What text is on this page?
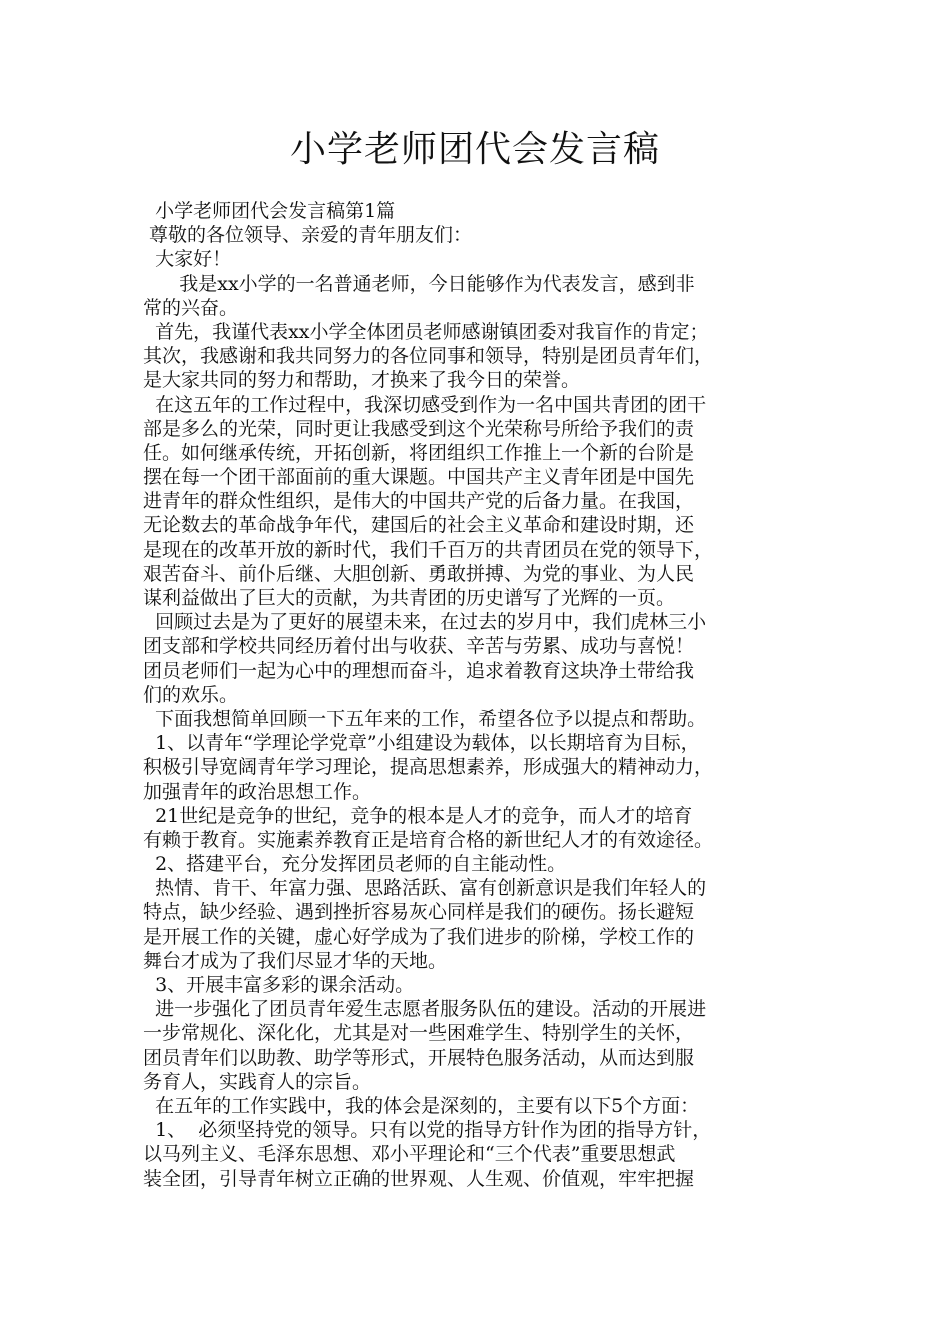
小学老师团代会发言稿
小学老师团代会发言稿第1篇
尊敬的各位领导、亲爱的青年朋友们：
大家好！
我是xx小学的一名普通老师，今日能够作为代表发言，感到非
常的兴奋。
首先，我谨代表xx小学全体团员老师感谢镇团委对我盲作的肯定；
其次，我感谢和我共同努力的各位同事和领导，特别是团员青年们，
是大家共同的努力和帮助，才换来了我今日的荣誉。
在这五年的工作过程中，我深切感受到作为一名中国共青团的团干
部是多么的光荣，同时更让我感受到这个光荣称号所给予我们的责
任。如何继承传统，开拓创新，将团组织工作推上一个新的台阶是
摆在每一个团干部面前的重大课题。中国共产主义青年团是中国先
进青年的群众性组织，是伟大的中国共产党的后备力量。在我国，
无论数去的革命战争年代，建国后的社会主义革命和建设时期，还
是现在的改革开放的新时代，我们千百万的共青团员在党的领导下，
艰苦奋斗、前仆后继、大胆创新、勇敢拼搏、为党的事业、为人民
谋利益做出了巨大的贡献，为共青团的历史谱写了光辉的一页。
回顾过去是为了更好的展望未来，在过去的岁月中，我们虎林三小
团支部和学校共同经历着付出与收获、辛苦与劳累、成功与喜悦！
团员老师们一起为心中的理想而奋斗，追求着教育这块净土带给我
们的欢乐。
下面我想简单回顾一下五年来的工作，希望各位予以提点和帮助。
1、以青年“学理论学党章”小组建设为载体，以长期培育为目标，
积极引导宽阔青年学习理论，提高思想素养，形成强大的精神动力，
加强青年的政治思想工作。
21世纪是竞争的世纪，竞争的根本是人才的竞争，而人才的培育
有赖于教育。实施素养教育正是培育合格的新世纪人才的有效途径。
2、搭建平台，充分发挥团员老师的自主能动性。
热情、肯干、年富力强、思路活跃、富有创新意识是我们年轻人的
特点，缺少经验、遇到挫折容易灰心同样是我们的硬伤。扬长避短
是开展工作的关键，虚心好学成为了我们进步的阶梯，学校工作的
舞台才成为了我们尽显才华的天地。
3、开展丰富多彩的课余活动。
进一步强化了团员青年爱生志愿者服务队伍的建设。活动的开展进
一步常规化、深化化，尤其是对一些困难学生、特别学生的关怀，
团员青年们以助教、助学等形式，开展特色服务活动，从而达到服
务育人，实践育人的宗旨。
在五年的工作实践中，我的体会是深刻的，主要有以下5个方面：
1、  必须坚持党的领导。只有以党的指导方针作为团的指导方针，
以马列主义、毛泽东思想、邓小平理论和“三个代表”重要思想武
装全团，引导青年树立正确的世界观、人生观、价值观，牢牢把握
